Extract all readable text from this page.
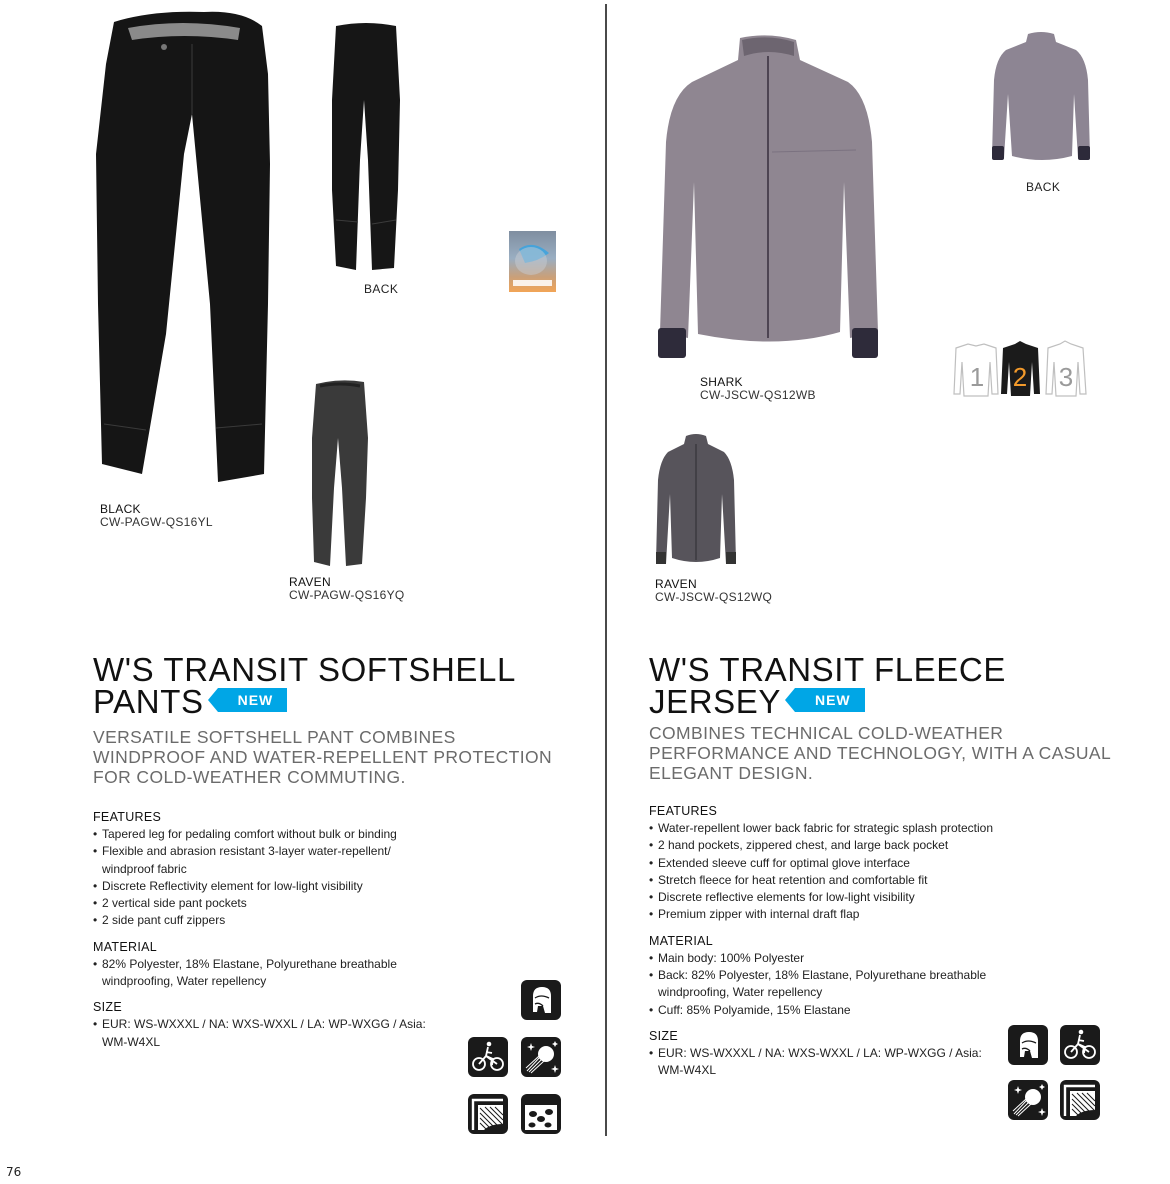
BACK
BLACK
CW-PAGW-QS16YL
RAVEN
CW-PAGW-QS16YQ
W'S TRANSIT SOFTSHELL
PANTS NEW
VERSATILE SOFTSHELL PANT COMBINES
WINDPROOF AND WATER-REPELLENT PROTECTION
FOR COLD-WEATHER COMMUTING.
FEATURES
• Tapered leg for pedaling comfort without bulk or binding
• Flexible and abrasion resistant 3-layer water-repellent/ windproof fabric
• Discrete Reflectivity element for low-light visibility
• 2 vertical side pant pockets
• 2 side pant cuff zippers
MATERIAL
• 82% Polyester, 18% Elastane, Polyurethane breathable windproofing, Water repellency
SIZE
• EUR: WS-WXXXL / NA: WXS-WXXL / LA: WP-WXGG / Asia: WM-W4XL
BACK
1 2 3
SHARK
CW-JSCW-QS12WB
RAVEN
CW-JSCW-QS12WQ
W'S TRANSIT FLEECE
JERSEY NEW
COMBINES TECHNICAL COLD-WEATHER
PERFORMANCE AND TECHNOLOGY, WITH A CASUAL
ELEGANT DESIGN.
FEATURES
• Water-repellent lower back fabric for strategic splash protection
• 2 hand pockets, zippered chest, and large back pocket
• Extended sleeve cuff for optimal glove interface
• Stretch fleece for heat retention and comfortable fit
• Discrete reflective elements for low-light visibility
• Premium zipper with internal draft flap
MATERIAL
• Main body: 100% Polyester
• Back: 82% Polyester, 18% Elastane, Polyurethane breathable windproofing, Water repellency
• Cuff: 85% Polyamide, 15% Elastane
SIZE
• EUR: WS-WXXXL / NA: WXS-WXXL / LA: WP-WXGG / Asia: WM-W4XL
76
